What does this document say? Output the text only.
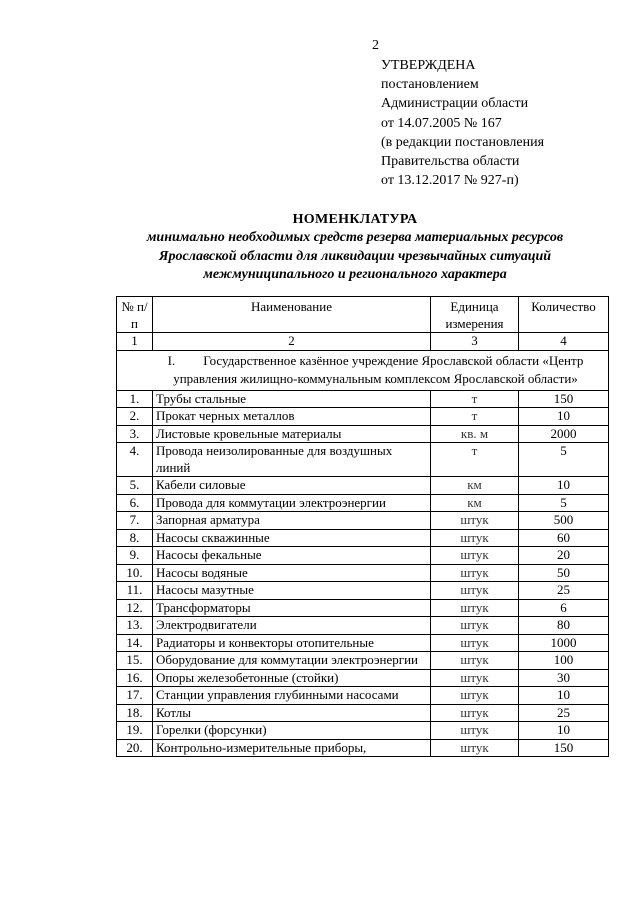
2
УТВЕРЖДЕНА
постановлением
Администрации области
от 14.07.2005 № 167
(в редакции постановления
Правительства области
от 13.12.2017 № 927-п)
НОМЕНКЛАТУРА
минимально необходимых средств резерва материальных ресурсов
Ярославской области для ликвидации чрезвычайных ситуаций
межмуниципального и регионального характера
№ п/п	Наименование	Единица измерения	Количество
1	2	3	4
I. Государственное казённое учреждение Ярославской области «Центр управления жилищно-коммунальным комплексом Ярославской области»			
1.	Трубы стальные	т	150
2.	Прокат черных металлов	т	10
3.	Листовые кровельные материалы	кв. м	2000
4.	Провода неизолированные для воздушных линий	т	5
5.	Кабели силовые	км	10
6.	Провода для коммутации электроэнергии	км	5
7.	Запорная арматура	штук	500
8.	Насосы скважинные	штук	60
9.	Насосы фекальные	штук	20
10.	Насосы водяные	штук	50
11.	Насосы мазутные	штук	25
12.	Трансформаторы	штук	6
13.	Электродвигатели	штук	80
14.	Радиаторы и конвекторы отопительные	штук	1000
15.	Оборудование для коммутации электроэнергии	штук	100
16.	Опоры железобетонные (стойки)	штук	30
17.	Станции управления глубинными насосами	штук	10
18.	Котлы	штук	25
19.	Горелки (форсунки)	штук	10
20.	Контрольно-измерительные приборы,	штук	150
